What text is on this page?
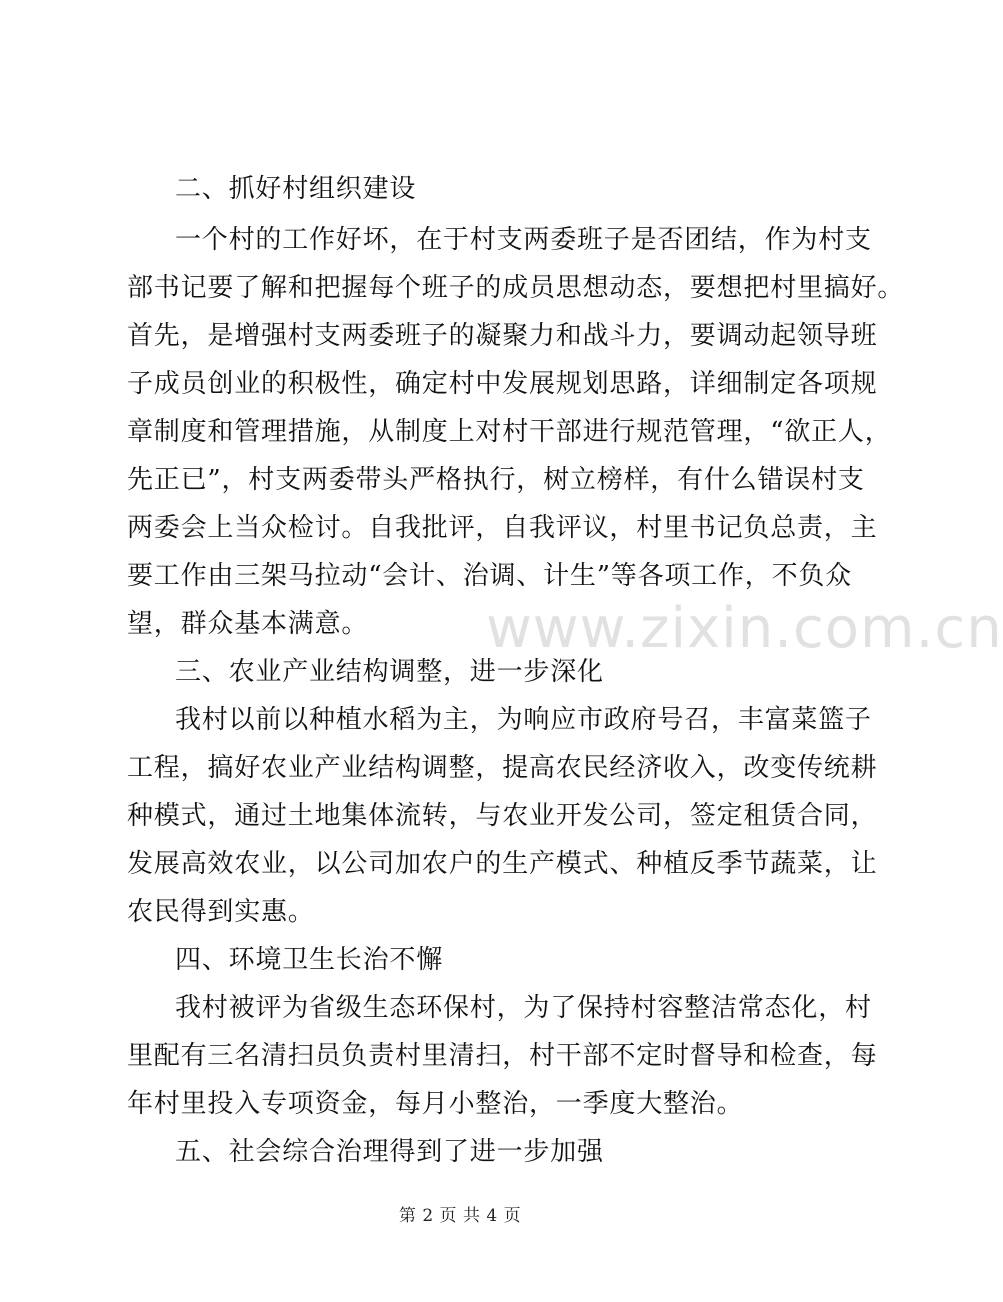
二、抓好村组织建设
一个村的工作好坏，在于村支两委班子是否团结，作为村支
部书记要了解和把握每个班子的成员思想动态，要想把村里搞好。
首先，是增强村支两委班子的凝聚力和战斗力，要调动起领导班
子成员创业的积极性，确定村中发展规划思路，详细制定各项规
章制度和管理措施，从制度上对村干部进行规范管理，“欲正人，
先正已”，村支两委带头严格执行，树立榜样，有什么错误村支
两委会上当众检讨。自我批评，自我评议，村里书记负总责，主
要工作由三架马拉动“会计、治调、计生”等各项工作，不负众
望，群众基本满意。
三、农业产业结构调整，进一步深化
我村以前以种植水稻为主，为响应市政府号召，丰富菜篮子
工程，搞好农业产业结构调整，提高农民经济收入，改变传统耕
种模式，通过土地集体流转，与农业开发公司，签定租赁合同，
发展高效农业，以公司加农户的生产模式、种植反季节蔬菜，让
农民得到实惠。
四、环境卫生长治不懈
我村被评为省级生态环保村，为了保持村容整洁常态化，村
里配有三名清扫员负责村里清扫，村干部不定时督导和检查，每
年村里投入专项资金，每月小整治，一季度大整治。
五、社会综合治理得到了进一步加强
www.zixin.com.cn
第 2 页 共 4 页
